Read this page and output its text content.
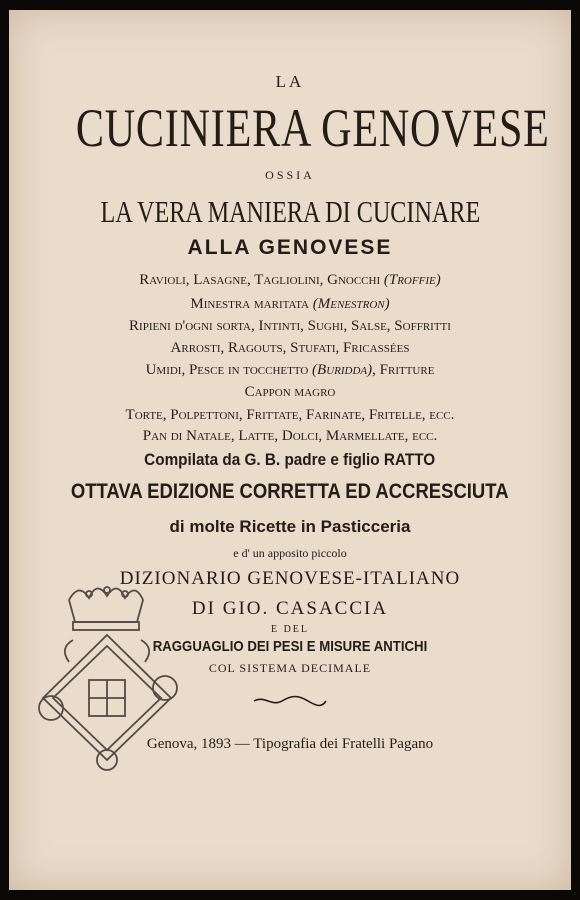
LA
CUCINIERA GENOVESE
OSSIA
LA VERA MANIERA DI CUCINARE
ALLA GENOVESE
Ravioli, Lasagne, Tagliolini, Gnocchi (Troffie)
Minestra maritata (Menestron)
Ripieni d'ogni sorta, Intinti, Sughi, Salse, Soffritti
Arrosti, Ragouts, Stufati, Fricassées
Umidi, Pesce in tocchetto (Buridda), Fritture
Cappon magro
Torte, Polpettoni, Frittate, Farinate, Fritelle, ecc.
Pan di Natale, Latte, Dolci, Marmellate, ecc.
Compilata da G. B. padre e figlio RATTO
OTTAVA EDIZIONE CORRETTA ED ACCRESCIUTA
di molte Ricette in Pasticceria
e d' un apposito piccolo
DIZIONARIO GENOVESE-ITALIANO
DI GIO. CASACCIA
E DEL
RAGGUAGLIO DEI PESI E MISURE ANTICHI
COL SISTEMA DECIMALE
Genova, 1893 — Tipografia dei Fratelli Pagano
